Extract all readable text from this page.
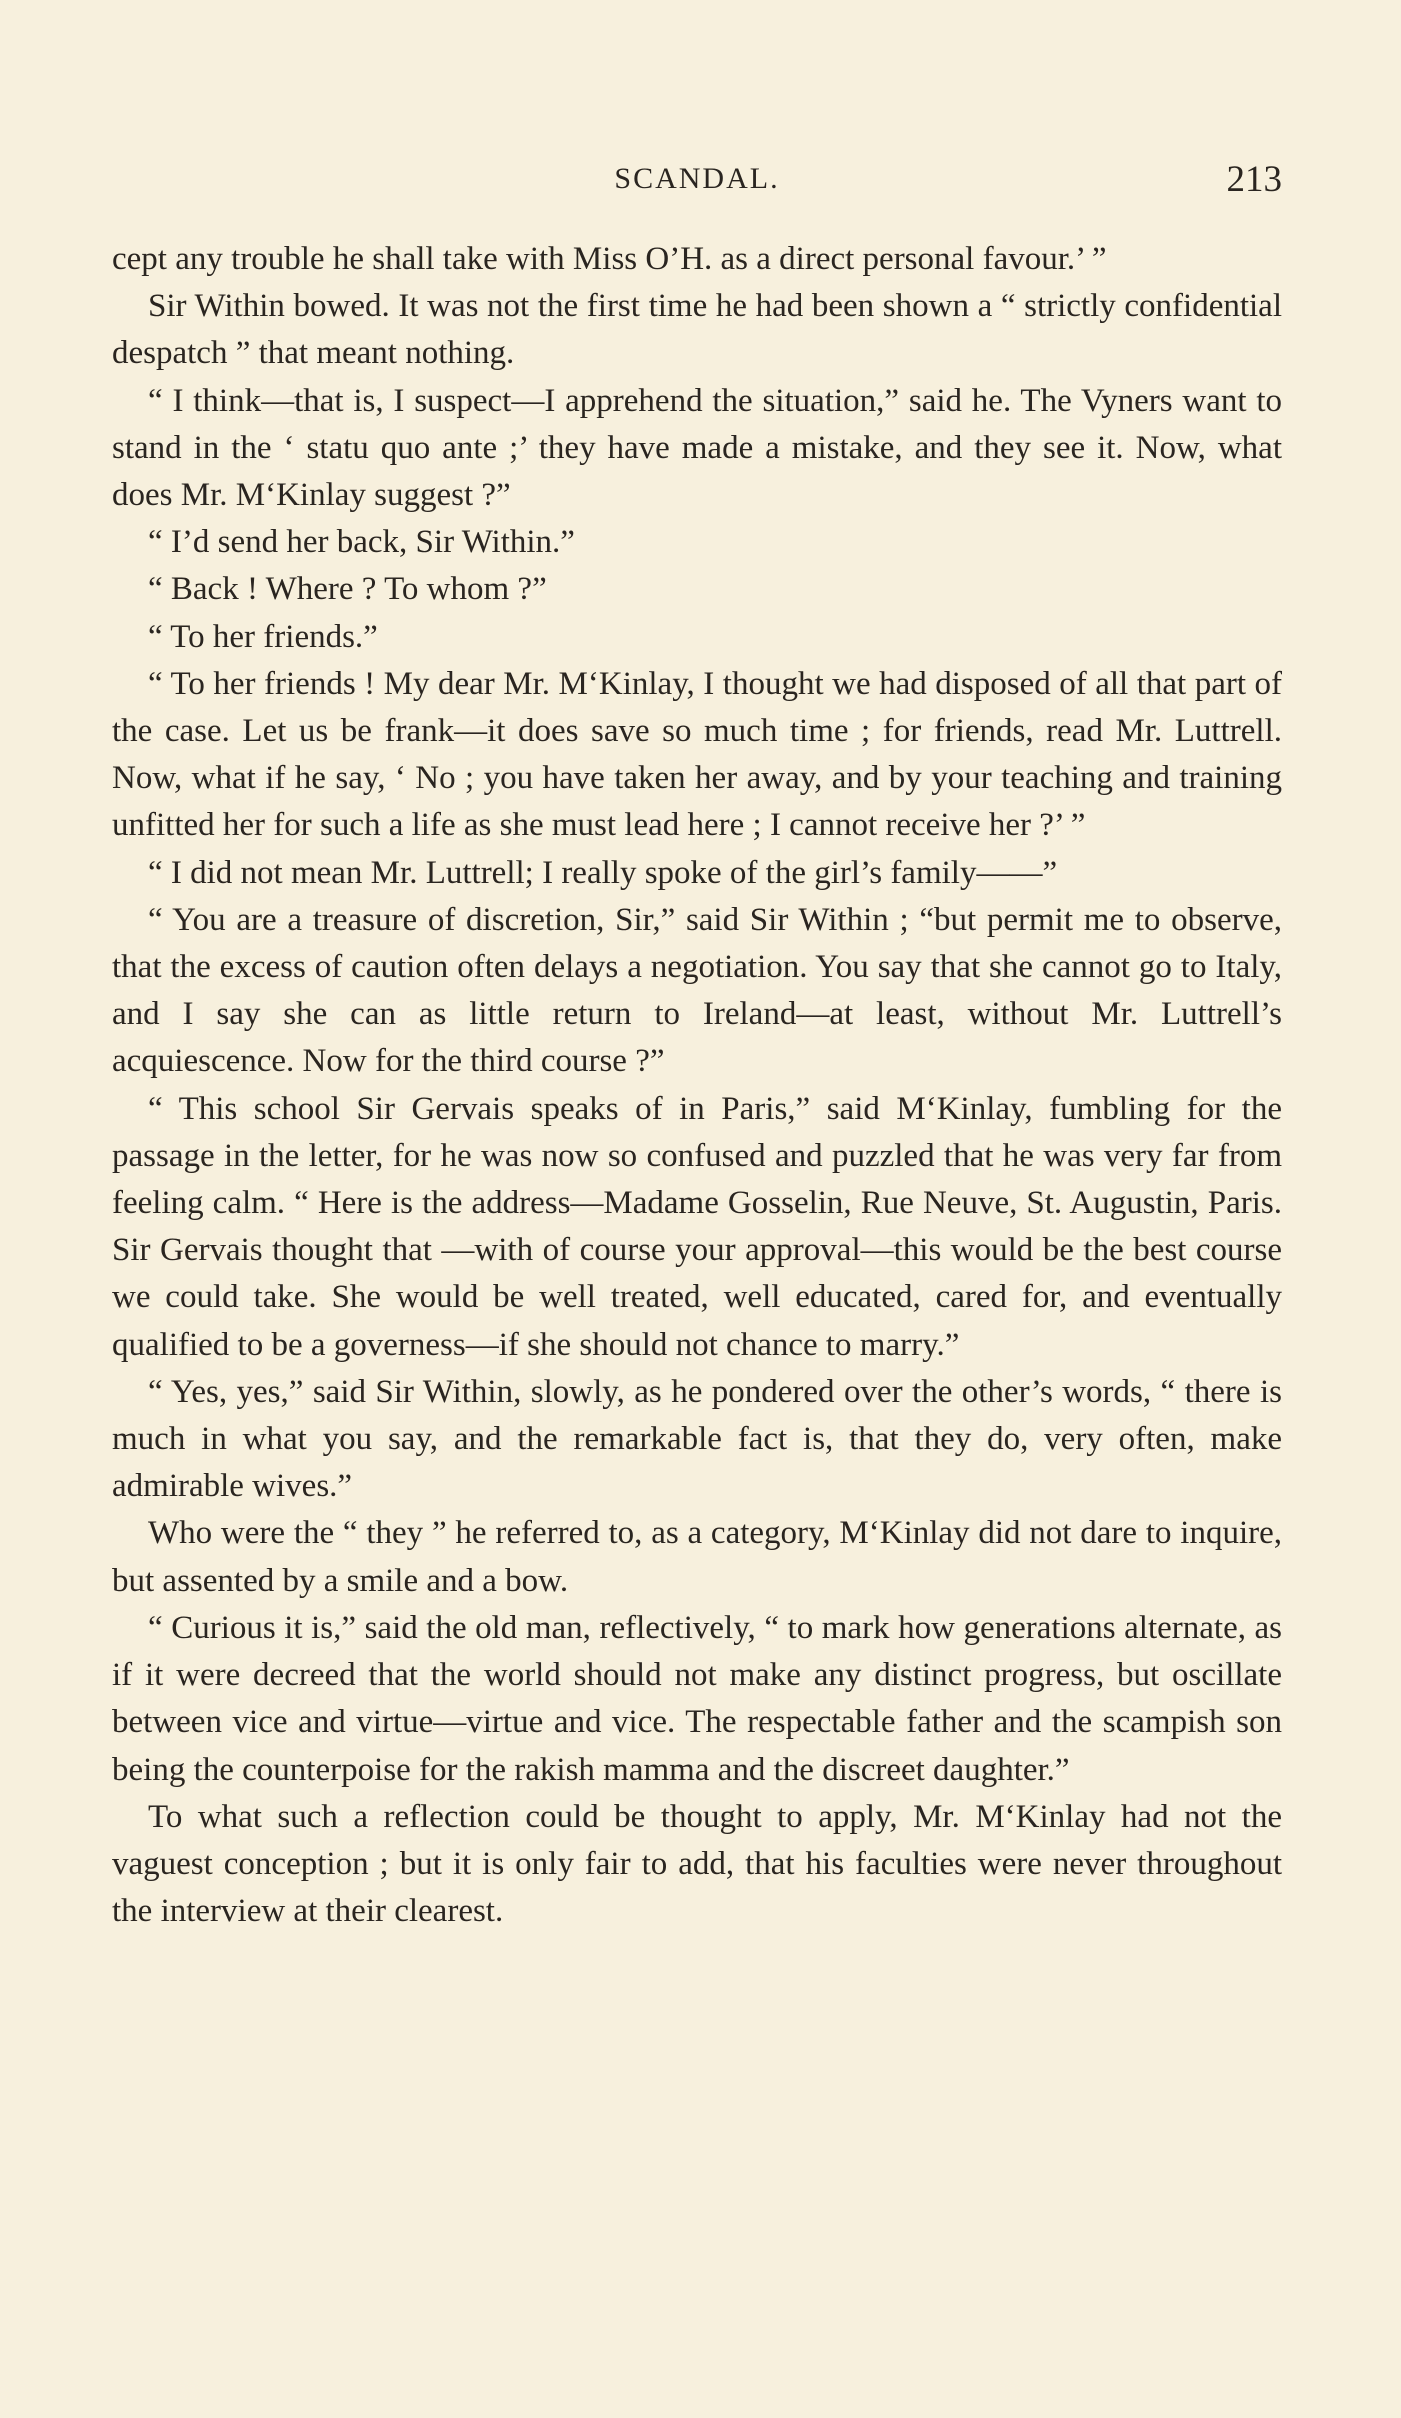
SCANDAL.	213

cept any trouble he shall take with Miss O’H. as a direct personal favour.’ ”

Sir Within bowed. It was not the first time he had been shown a “ strictly confidential despatch ” that meant nothing.

“ I think—that is, I suspect—I apprehend the situation,” said he. The Vyners want to stand in the ‘ statu quo ante ;’ they have made a mistake, and they see it. Now, what does Mr. M‘Kinlay suggest ?”

“ I’d send her back, Sir Within.”

“ Back ! Where ? To whom ?”

“ To her friends.”

“ To her friends ! My dear Mr. M‘Kinlay, I thought we had disposed of all that part of the case. Let us be frank—it does save so much time ; for friends, read Mr. Luttrell. Now, what if he say, ‘ No ; you have taken her away, and by your teaching and training unfitted her for such a life as she must lead here ; I cannot receive her ?’ ”

“ I did not mean Mr. Luttrell; I really spoke of the girl’s family——”

“ You are a treasure of discretion, Sir,” said Sir Within ; “but permit me to observe, that the excess of caution often delays a negotiation. You say that she cannot go to Italy, and I say she can as little return to Ireland—at least, without Mr. Luttrell’s acquiescence. Now for the third course ?”

“ This school Sir Gervais speaks of in Paris,” said M‘Kinlay, fumbling for the passage in the letter, for he was now so confused and puzzled that he was very far from feeling calm. “ Here is the address—Madame Gosselin, Rue Neuve, St. Augustin, Paris. Sir Gervais thought that —with of course your approval—this would be the best course we could take. She would be well treated, well educated, cared for, and eventually qualified to be a governess—if she should not chance to marry.”

“ Yes, yes,” said Sir Within, slowly, as he pondered over the other’s words, “ there is much in what you say, and the remarkable fact is, that they do, very often, make admirable wives.”

Who were the “ they ” he referred to, as a category, M‘Kinlay did not dare to inquire, but assented by a smile and a bow.

“ Curious it is,” said the old man, reflectively, “ to mark how generations alternate, as if it were decreed that the world should not make any distinct progress, but oscillate between vice and virtue—virtue and vice. The respectable father and the scampish son being the counterpoise for the rakish mamma and the discreet daughter.”

To what such a reflection could be thought to apply, Mr. M‘Kinlay had not the vaguest conception ; but it is only fair to add, that his faculties were never throughout the interview at their clearest.
